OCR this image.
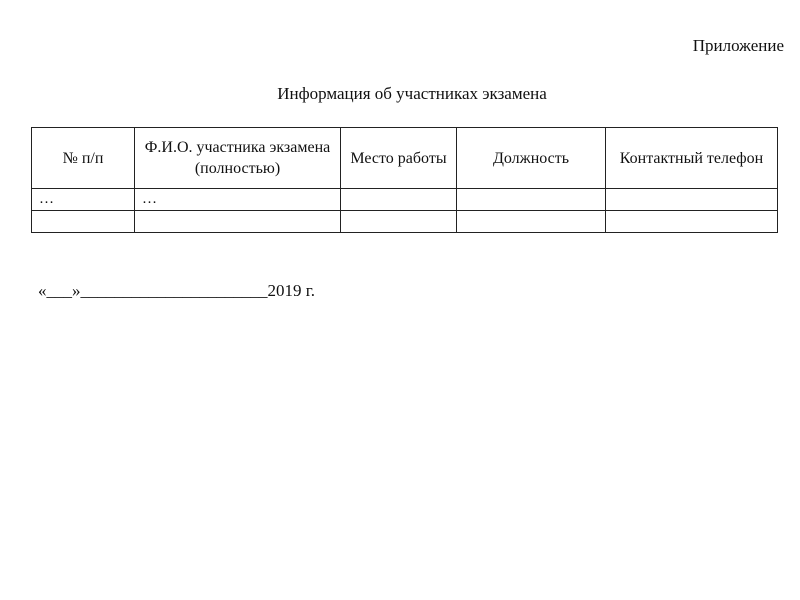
Приложение
Информация об участниках экзамена
№ п/п	Ф.И.О. участника экзамена (полностью)	Место работы	Должность	Контактный телефон
…	…			

«___»______________________2019 г.
